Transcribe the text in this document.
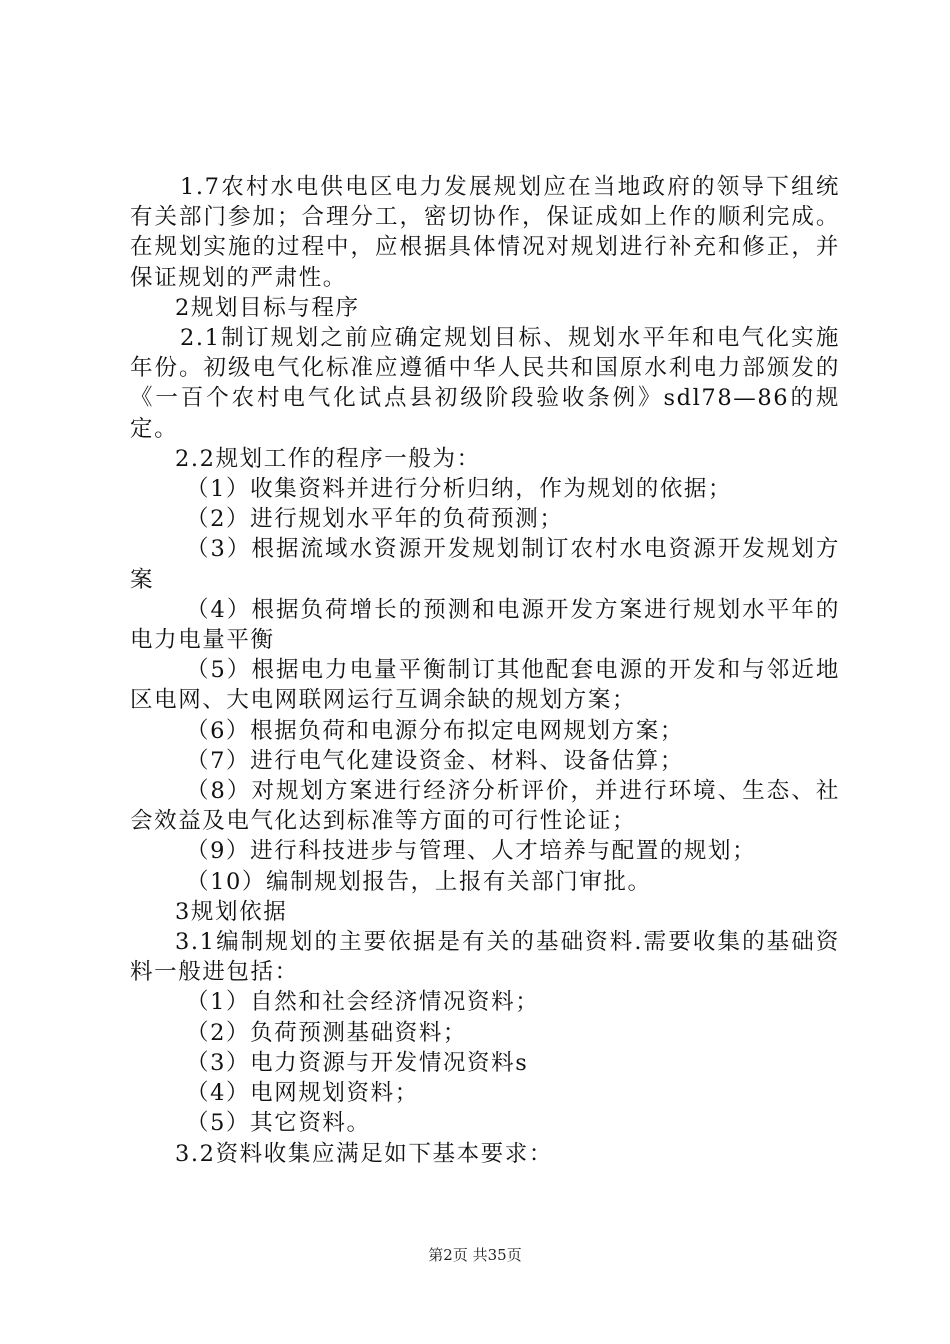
1.7农村水电供电区电力发展规划应在当地政府的领导下组统有关部门参加；合理分工，密切协作，保证成如上作的顺利完成。在规划实施的过程中，应根据具体情况对规划进行补充和修正，并保证规划的严肃性。

2规划目标与程序

2.1制订规划之前应确定规划目标、规划水平年和电气化实施年份。初级电气化标准应遵循中华人民共和国原水利电力部颁发的《一百个农村电气化试点县初级阶段验收条例》sdl78—86的规定。

2.2规划工作的程序一般为：

（1）收集资料并进行分析归纳，作为规划的依据；

（2）进行规划水平年的负荷预测；

（3）根据流域水资源开发规划制订农村水电资源开发规划方案

（4）根据负荷增长的预测和电源开发方案进行规划水平年的电力电量平衡

（5）根据电力电量平衡制订其他配套电源的开发和与邻近地区电网、大电网联网运行互调余缺的规划方案；

（6）根据负荷和电源分布拟定电网规划方案；

（7）进行电气化建设资金、材料、设备估算；

（8）对规划方案进行经济分析评价，并进行环境、生态、社会效益及电气化达到标准等方面的可行性论证；

（9）进行科技进步与管理、人才培养与配置的规划；

（10）编制规划报告，上报有关部门审批。

3规划依据

3.1编制规划的主要依据是有关的基础资料.需要收集的基础资料一般进包括：

（1）自然和社会经济情况资料；

（2）负荷预测基础资料；

（3）电力资源与开发情况资料s

（4）电网规划资料；

（5）其它资料。

3.2资料收集应满足如下基本要求：

第2页 共35页
